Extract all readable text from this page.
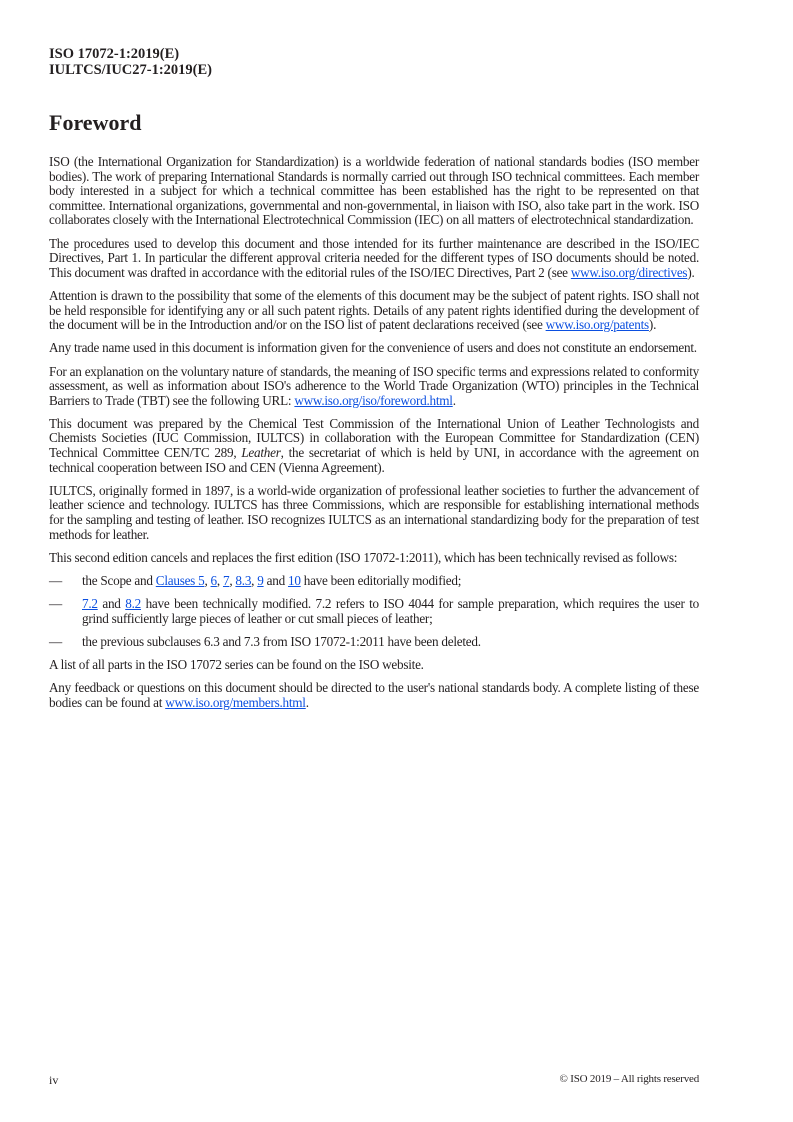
ISO 17072-1:2019(E)
IULTCS/IUC27-1:2019(E)
Foreword

ISO (the International Organization for Standardization) is a worldwide federation of national standards bodies (ISO member bodies). The work of preparing International Standards is normally carried out through ISO technical committees. Each member body interested in a subject for which a technical committee has been established has the right to be represented on that committee. International organizations, governmental and non-governmental, in liaison with ISO, also take part in the work. ISO collaborates closely with the International Electrotechnical Commission (IEC) on all matters of electrotechnical standardization.

The procedures used to develop this document and those intended for its further maintenance are described in the ISO/IEC Directives, Part 1. In particular the different approval criteria needed for the different types of ISO documents should be noted. This document was drafted in accordance with the editorial rules of the ISO/IEC Directives, Part 2 (see www.iso.org/directives).

Attention is drawn to the possibility that some of the elements of this document may be the subject of patent rights. ISO shall not be held responsible for identifying any or all such patent rights. Details of any patent rights identified during the development of the document will be in the Introduction and/or on the ISO list of patent declarations received (see www.iso.org/patents).

Any trade name used in this document is information given for the convenience of users and does not constitute an endorsement.

For an explanation on the voluntary nature of standards, the meaning of ISO specific terms and expressions related to conformity assessment, as well as information about ISO's adherence to the World Trade Organization (WTO) principles in the Technical Barriers to Trade (TBT) see the following URL: www.iso.org/iso/foreword.html.

This document was prepared by the Chemical Test Commission of the International Union of Leather Technologists and Chemists Societies (IUC Commission, IULTCS) in collaboration with the European Committee for Standardization (CEN) Technical Committee CEN/TC 289, Leather, the secretariat of which is held by UNI, in accordance with the agreement on technical cooperation between ISO and CEN (Vienna Agreement).

IULTCS, originally formed in 1897, is a world-wide organization of professional leather societies to further the advancement of leather science and technology. IULTCS has three Commissions, which are responsible for establishing international methods for the sampling and testing of leather. ISO recognizes IULTCS as an international standardizing body for the preparation of test methods for leather.

This second edition cancels and replaces the first edition (ISO 17072-1:2011), which has been technically revised as follows:

—	the Scope and Clauses 5, 6, 7, 8.3, 9 and 10 have been editorially modified;
—	7.2 and 8.2 have been technically modified. 7.2 refers to ISO 4044 for sample preparation, which requires the user to grind sufficiently large pieces of leather or cut small pieces of leather;
—	the previous subclauses 6.3 and 7.3 from ISO 17072-1:2011 have been deleted.

A list of all parts in the ISO 17072 series can be found on the ISO website.

Any feedback or questions on this document should be directed to the user's national standards body. A complete listing of these bodies can be found at www.iso.org/members.html.

iv	© ISO 2019 – All rights reserved
